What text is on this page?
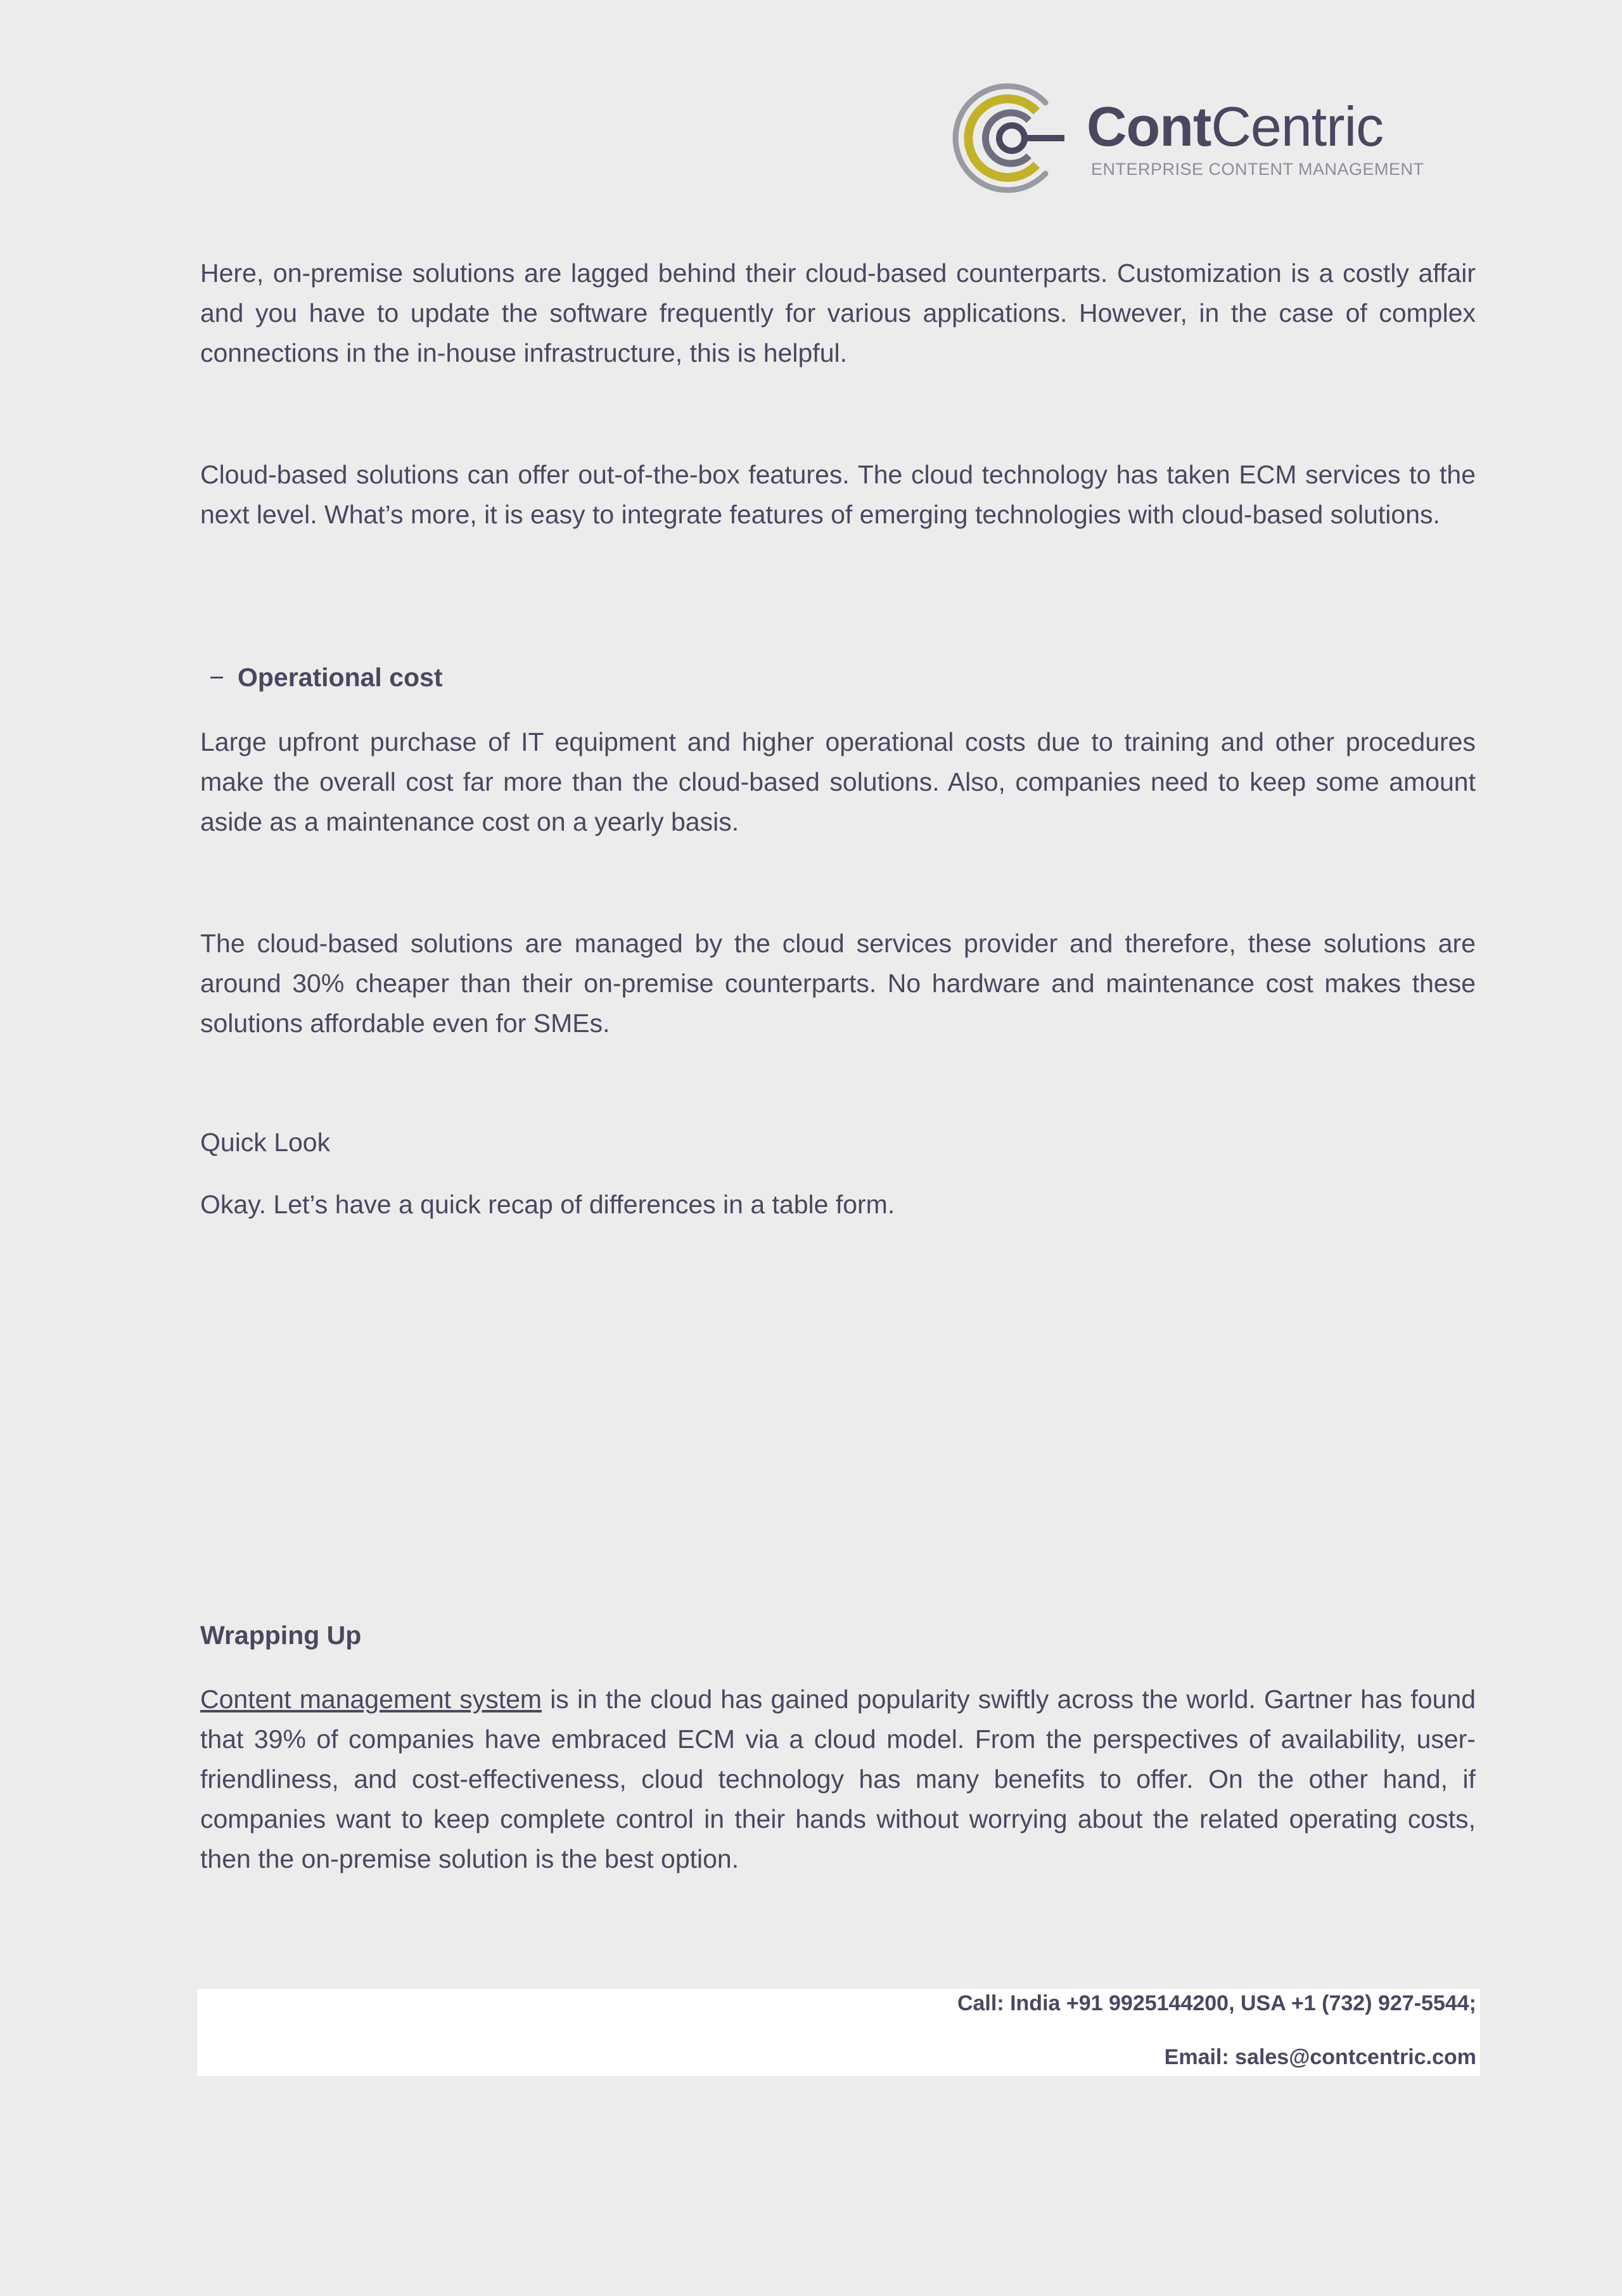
ContCentric
ENTERPRISE CONTENT MANAGEMENT

Here, on-premise solutions are lagged behind their cloud-based counterparts. Customization is a costly affair and you have to update the software frequently for various applications. However, in the case of complex connections in the in-house infrastructure, this is helpful.

Cloud-based solutions can offer out-of-the-box features. The cloud technology has taken ECM services to the next level. What’s more, it is easy to integrate features of emerging technologies with cloud-based solutions.

− Operational cost

Large upfront purchase of IT equipment and higher operational costs due to training and other procedures make the overall cost far more than the cloud-based solutions. Also, companies need to keep some amount aside as a maintenance cost on a yearly basis.

The cloud-based solutions are managed by the cloud services provider and therefore, these solutions are around 30% cheaper than their on-premise counterparts. No hardware and maintenance cost makes these solutions affordable even for SMEs.

Quick Look

Okay. Let’s have a quick recap of differences in a table form.

Wrapping Up

Content management system is in the cloud has gained popularity swiftly across the world. Gartner has found that 39% of companies have embraced ECM via a cloud model. From the perspectives of availability, user-friendliness, and cost-effectiveness, cloud technology has many benefits to offer. On the other hand, if companies want to keep complete control in their hands without worrying about the related operating costs, then the on-premise solution is the best option.

Call: India +91 9925144200, USA +1 (732) 927-5544;

Email: sales@contcentric.com
